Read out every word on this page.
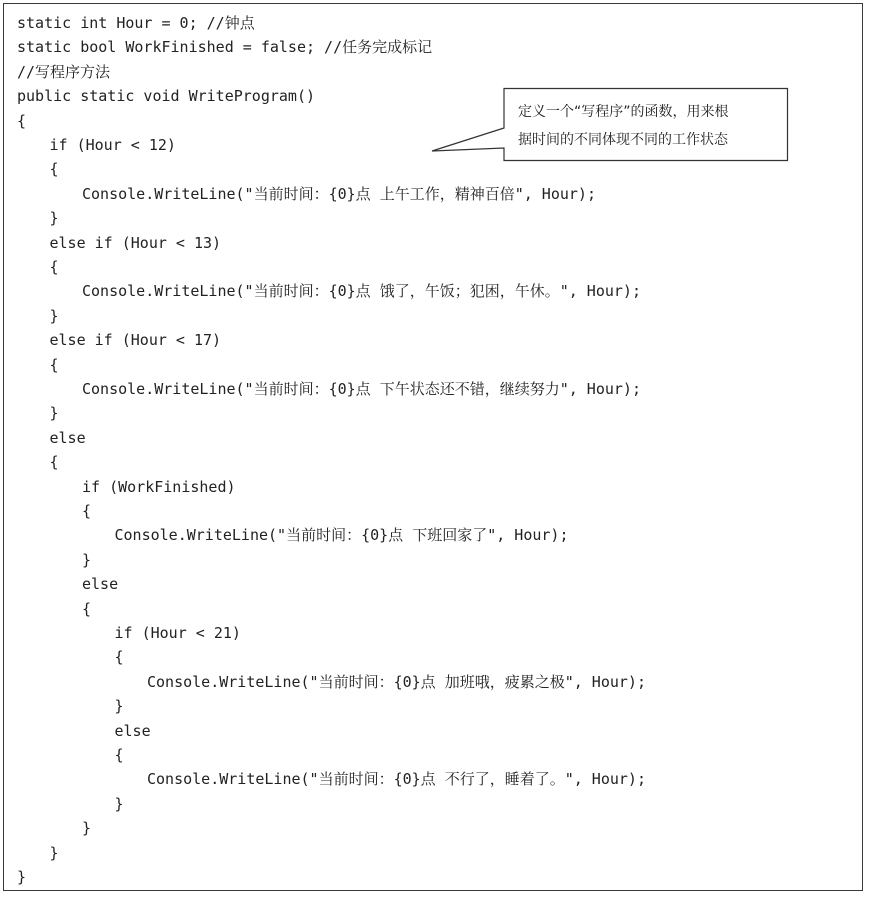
static int Hour = 0; //钟点
static bool WorkFinished = false; //任务完成标记
//写程序方法
public static void WriteProgram()
{
if (Hour < 12)
{
Console.WriteLine("当前时间：{0}点 上午工作，精神百倍", Hour);
}
else if (Hour < 13)
{
Console.WriteLine("当前时间：{0}点 饿了，午饭；犯困，午休。", Hour);
}
else if (Hour < 17)
{
Console.WriteLine("当前时间：{0}点 下午状态还不错，继续努力", Hour);
}
else
{
if (WorkFinished)
{
Console.WriteLine("当前时间：{0}点 下班回家了", Hour);
}
else
{
if (Hour < 21)
{
Console.WriteLine("当前时间：{0}点 加班哦，疲累之极", Hour);
}
else
{
Console.WriteLine("当前时间：{0}点 不行了，睡着了。", Hour);
}
}
}
}
定义一个“写程序”的函数，用来根
据时间的不同体现不同的工作状态
